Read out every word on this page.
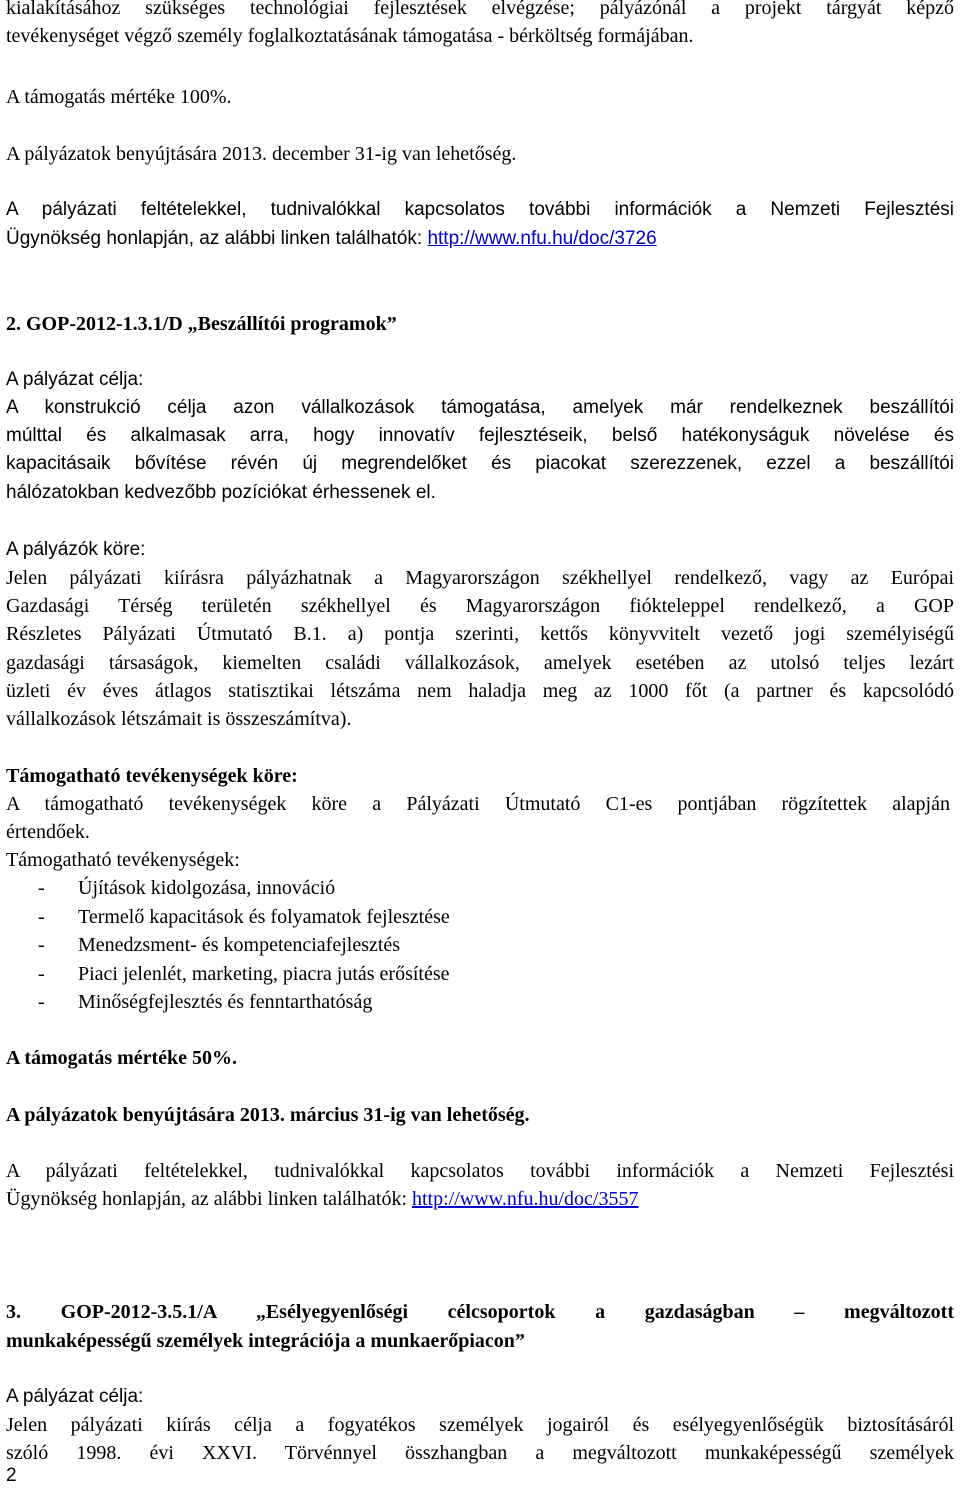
kialakításához szükséges technológiai fejlesztések elvégzése; pályázónál a projekt tárgyát képző

tevékenységet végző személy foglalkoztatásának támogatása - bérköltség formájában.

A támogatás mértéke 100%.

A pályázatok benyújtására 2013. december 31-ig van lehetőség.

A pályázati feltételekkel, tudnivalókkal kapcsolatos további információk a Nemzeti Fejlesztési

Ügynökség honlapján, az alábbi linken találhatók: http://www.nfu.hu/doc/3726

2. GOP-2012-1.3.1/D „Beszállítói programok”

A pályázat célja:

A konstrukció célja azon vállalkozások támogatása, amelyek már rendelkeznek beszállítói

múlttal és alkalmasak arra, hogy innovatív fejlesztéseik, belső hatékonyságuk növelése és

kapacitásaik bővítése révén új megrendelőket és piacokat szerezzenek, ezzel a beszállítói

hálózatokban kedvezőbb pozíciókat érhessenek el.

A pályázók köre:

Jelen pályázati kiírásra pályázhatnak a Magyarországon székhellyel rendelkező, vagy az Európai

Gazdasági Térség területén székhellyel és Magyarországon fiókteleppel rendelkező, a GOP

Részletes Pályázati Útmutató B.1. a) pontja szerinti, kettős könyvvitelt vezető jogi személyiségű

gazdasági társaságok, kiemelten családi vállalkozások, amelyek esetében az utolsó teljes lezárt

üzleti év éves átlagos statisztikai létszáma nem haladja meg az 1000 főt (a partner és kapcsolódó

vállalkozások létszámait is összeszámítva).

Támogatható tevékenységek köre:

A támogatható tevékenységek köre a Pályázati Útmutató C1-es pontjában rögzítettek alapján

értendőek.

Támogatható tevékenységek:

- Újítások kidolgozása, innováció
- Termelő kapacitások és folyamatok fejlesztése
- Menedzsment- és kompetenciafejlesztés
- Piaci jelenlét, marketing, piacra jutás erősítése
- Minőségfejlesztés és fenntarthatóság

A támogatás mértéke 50%.

A pályázatok benyújtására 2013. március 31-ig van lehetőség.

A pályázati feltételekkel, tudnivalókkal kapcsolatos további információk a Nemzeti Fejlesztési

Ügynökség honlapján, az alábbi linken találhatók: http://www.nfu.hu/doc/3557

3. GOP-2012-3.5.1/A „Esélyegyenlőségi célcsoportok a gazdaságban – megváltozott

munkaképességű személyek integrációja a munkaerőpiacon”

A pályázat célja:

Jelen pályázati kiírás célja a fogyatékos személyek jogairól és esélyegyenlőségük biztosításáról

szóló 1998. évi XXVI. Törvénnyel összhangban a megváltozott munkaképességű személyek

2
